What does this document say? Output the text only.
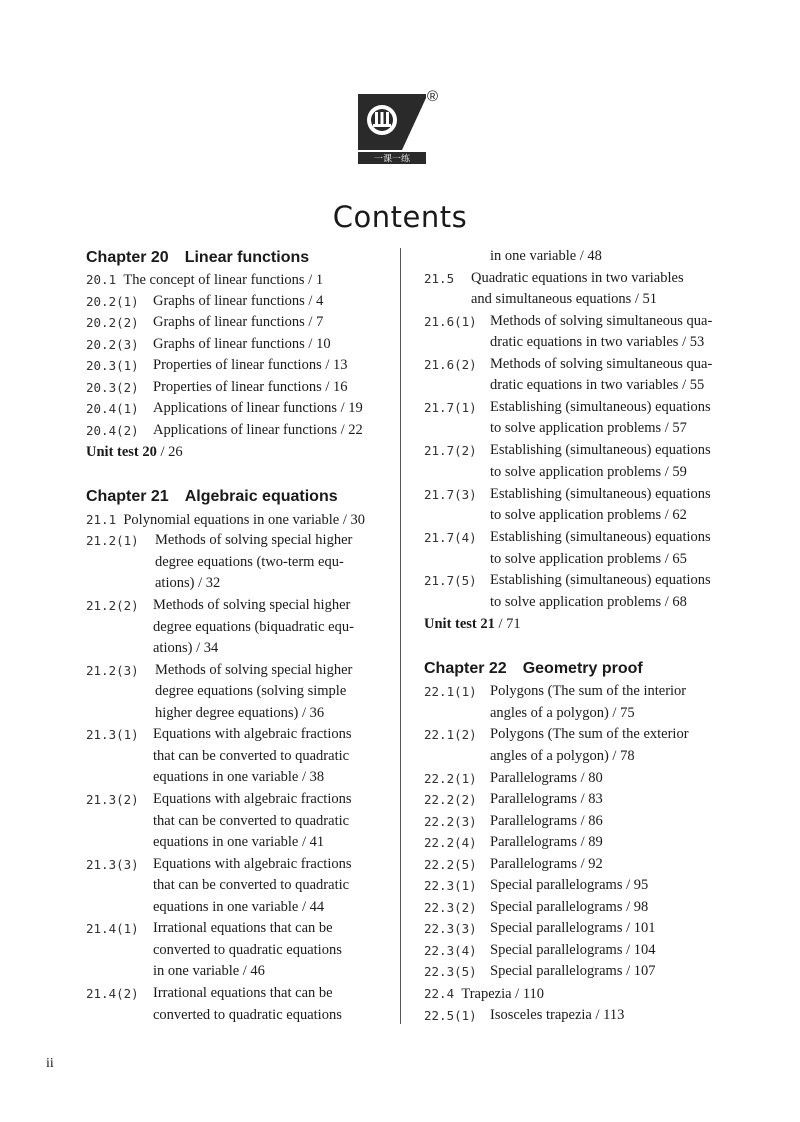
一课一练
®
Contents
Chapter 20 Linear functions
20.1  The concept of linear functions / 1
20.2(1) Graphs of linear functions / 4
20.2(2) Graphs of linear functions / 7
20.2(3) Graphs of linear functions / 10
20.3(1) Properties of linear functions / 13
20.3(2) Properties of linear functions / 16
20.4(1) Applications of linear functions / 19
20.4(2) Applications of linear functions / 22
Unit test 20 / 26
Chapter 21 Algebraic equations
21.1  Polynomial equations in one variable / 30
21.2(1) Methods of solving special higher
degree equations (two-term equ-
ations) / 32
21.2(2) Methods of solving special higher
degree equations (biquadratic equ-
ations) / 34
21.2(3) Methods of solving special higher
degree equations (solving simple
higher degree equations) / 36
21.3(1) Equations with algebraic fractions
that can be converted to quadratic
equations in one variable / 38
21.3(2) Equations with algebraic fractions
that can be converted to quadratic
equations in one variable / 41
21.3(3) Equations with algebraic fractions
that can be converted to quadratic
equations in one variable / 44
21.4(1) Irrational equations that can be
converted to quadratic equations
in one variable / 46
21.4(2) Irrational equations that can be
converted to quadratic equations
in one variable / 48
21.5 Quadratic equations in two variables
and simultaneous equations / 51
21.6(1) Methods of solving simultaneous qua-
dratic equations in two variables / 53
21.6(2) Methods of solving simultaneous qua-
dratic equations in two variables / 55
21.7(1) Establishing (simultaneous) equations
to solve application problems / 57
21.7(2) Establishing (simultaneous) equations
to solve application problems / 59
21.7(3) Establishing (simultaneous) equations
to solve application problems / 62
21.7(4) Establishing (simultaneous) equations
to solve application problems / 65
21.7(5) Establishing (simultaneous) equations
to solve application problems / 68
Unit test 21 / 71
Chapter 22 Geometry proof
22.1(1) Polygons (The sum of the interior
angles of a polygon) / 75
22.1(2) Polygons (The sum of the exterior
angles of a polygon) / 78
22.2(1) Parallelograms / 80
22.2(2) Parallelograms / 83
22.2(3) Parallelograms / 86
22.2(4) Parallelograms / 89
22.2(5) Parallelograms / 92
22.3(1) Special parallelograms / 95
22.3(2) Special parallelograms / 98
22.3(3) Special parallelograms / 101
22.3(4) Special parallelograms / 104
22.3(5) Special parallelograms / 107
22.4  Trapezia / 110
22.5(1) Isosceles trapezia / 113
ii
